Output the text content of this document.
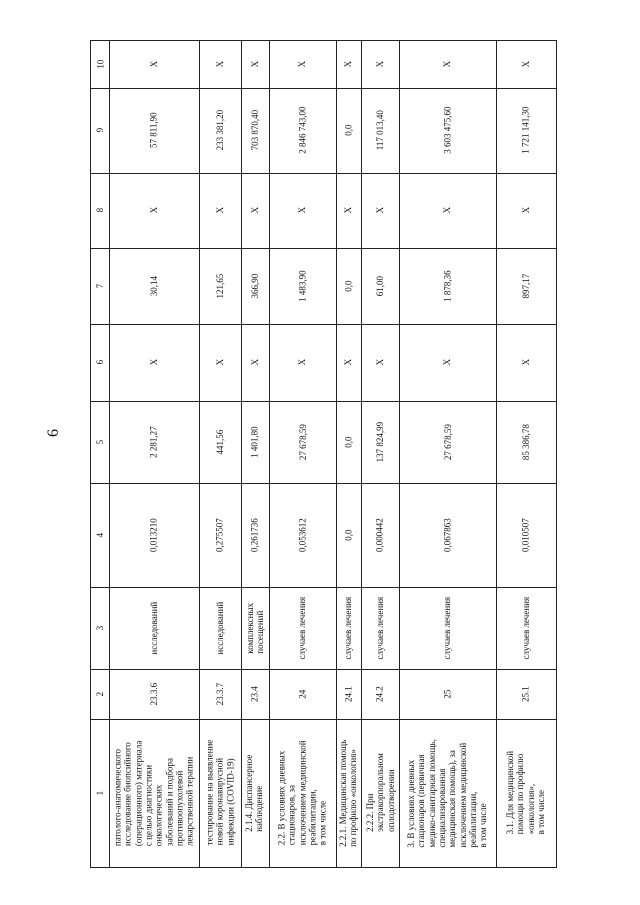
6
10
9
8
7
6
5
4
3
2
1
X
57 811,90
X
30,14
X
2 281,27
0,013210
исследований
23.3.6
патолого-анатомического
исследование биопсийного
(операционного) материала
с целью диагностики
онкологических
заболеваний и подбора
противоопухолевой
лекарственной терапии
X
233 381,20
X
121,65
X
441,56
0,275507
исследований
23.3.7
тестирование на выявление
новой коронавирусной
инфекции (COVID-19)
X
703 870,40
X
366,90
X
1 401,80
0,261736
комплексных
посещений
23.4
2.1.4. Диспансерное
наблюдение
X
2 846 743,00
X
1 483,90
X
27 678,59
0,053612
случаев лечения
24
2.2. В условиях дневных
стационаров, за
исключением медицинской
реабилитации,
в том числе
X
0,0
X
0,0
X
0,0
0,0
случаев лечения
24.1
2.2.1. Медицинская помощь
по профилю «онкология»
X
117 013,40
X
61,00
X
137 824,99
0,000442
случаев лечения
24.2
2.2.2. При
экстракорпоральном
оплодотворении
X
3 603 475,60
X
1 878,36
X
27 678,59
0,067863
случаев лечения
25
3. В условиях дневных
стационаров (первичная
медико-санитарная помощь,
специализированная
медицинская помощь), за
исключением медицинской
реабилитации,
в том числе
X
1 721 141,30
X
897,17
X
85 386,78
0,010507
случаев лечения
25.1
3.1. Для медицинской
помощи по профилю
«онкология»,
в том числе
